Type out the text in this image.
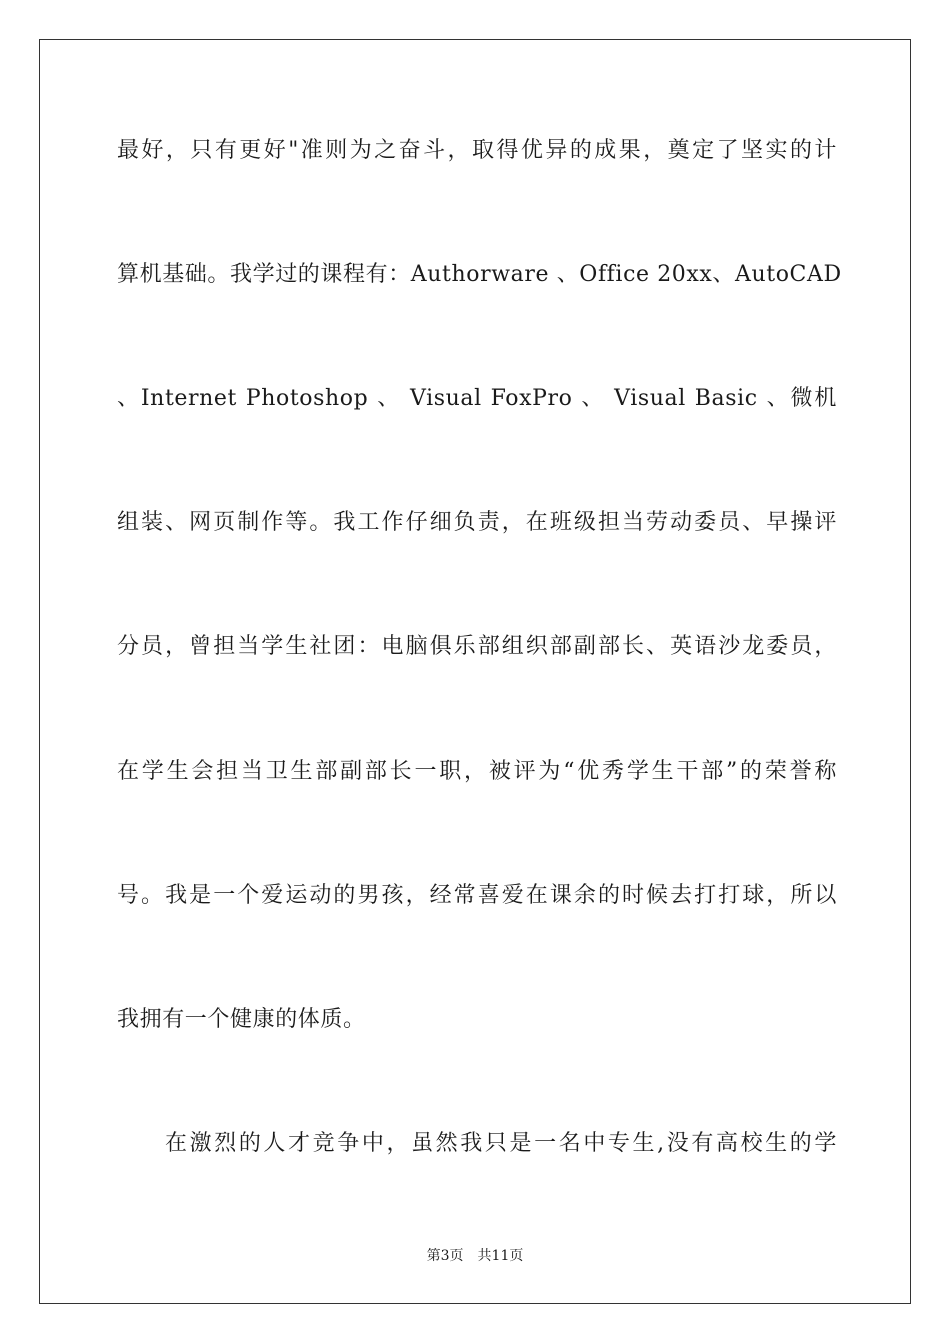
最好，只有更好"准则为之奋斗，取得优异的成果，奠定了坚实的计
算机基础。我学过的课程有：Authorware 、Office 20xx、AutoCAD
、Internet Photoshop 、 Visual FoxPro 、 Visual Basic 、微机
组装、网页制作等。我工作仔细负责，在班级担当劳动委员、早操评
分员，曾担当学生社团：电脑俱乐部组织部副部长、英语沙龙委员，
在学生会担当卫生部副部长一职，被评为“优秀学生干部”的荣誉称
号。我是一个爱运动的男孩，经常喜爱在课余的时候去打打球，所以
我拥有一个健康的体质。
在激烈的人才竞争中，虽然我只是一名中专生,没有高校生的学
第3页 共11页
